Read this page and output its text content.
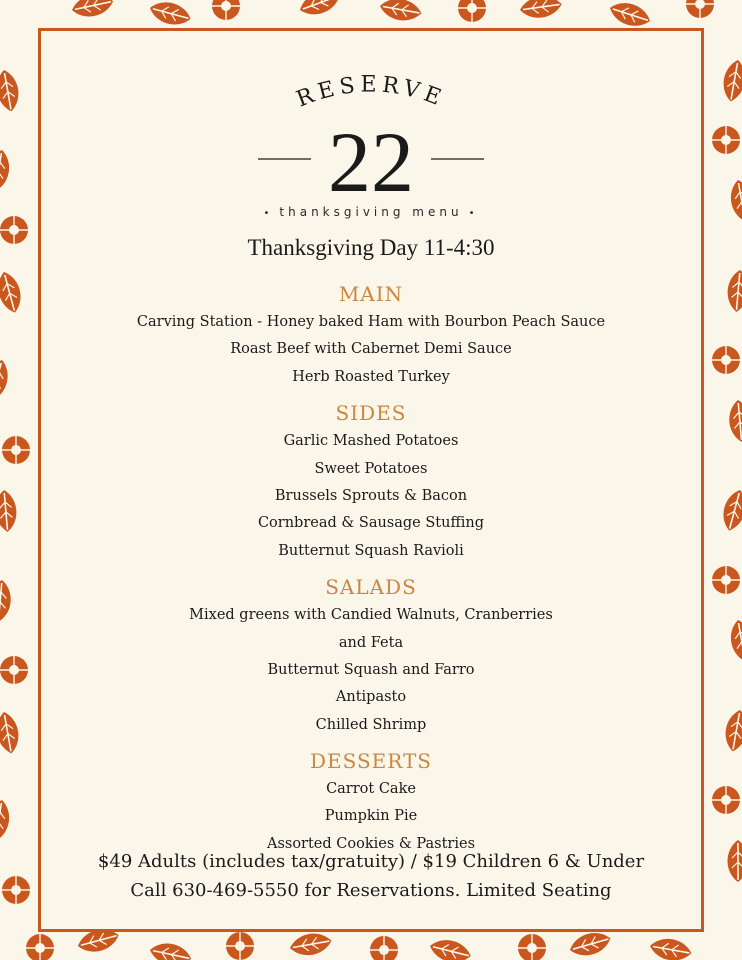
RESERVE
22
• thanksgiving menu •
Thanksgiving Day 11-4:30
MAIN
Carving Station - Honey baked Ham with Bourbon Peach Sauce
Roast Beef with Cabernet Demi Sauce
Herb Roasted Turkey
SIDES
Garlic Mashed Potatoes
Sweet Potatoes
Brussels Sprouts & Bacon
Cornbread & Sausage Stuffing
Butternut Squash Ravioli
SALADS
Mixed greens with Candied Walnuts, Cranberries
and Feta
Butternut Squash and Farro
Antipasto
Chilled Shrimp
DESSERTS
Carrot Cake
Pumpkin Pie
Assorted Cookies & Pastries
$49 Adults (includes tax/gratuity) / $19 Children 6 & Under
Call 630-469-5550 for Reservations. Limited Seating
